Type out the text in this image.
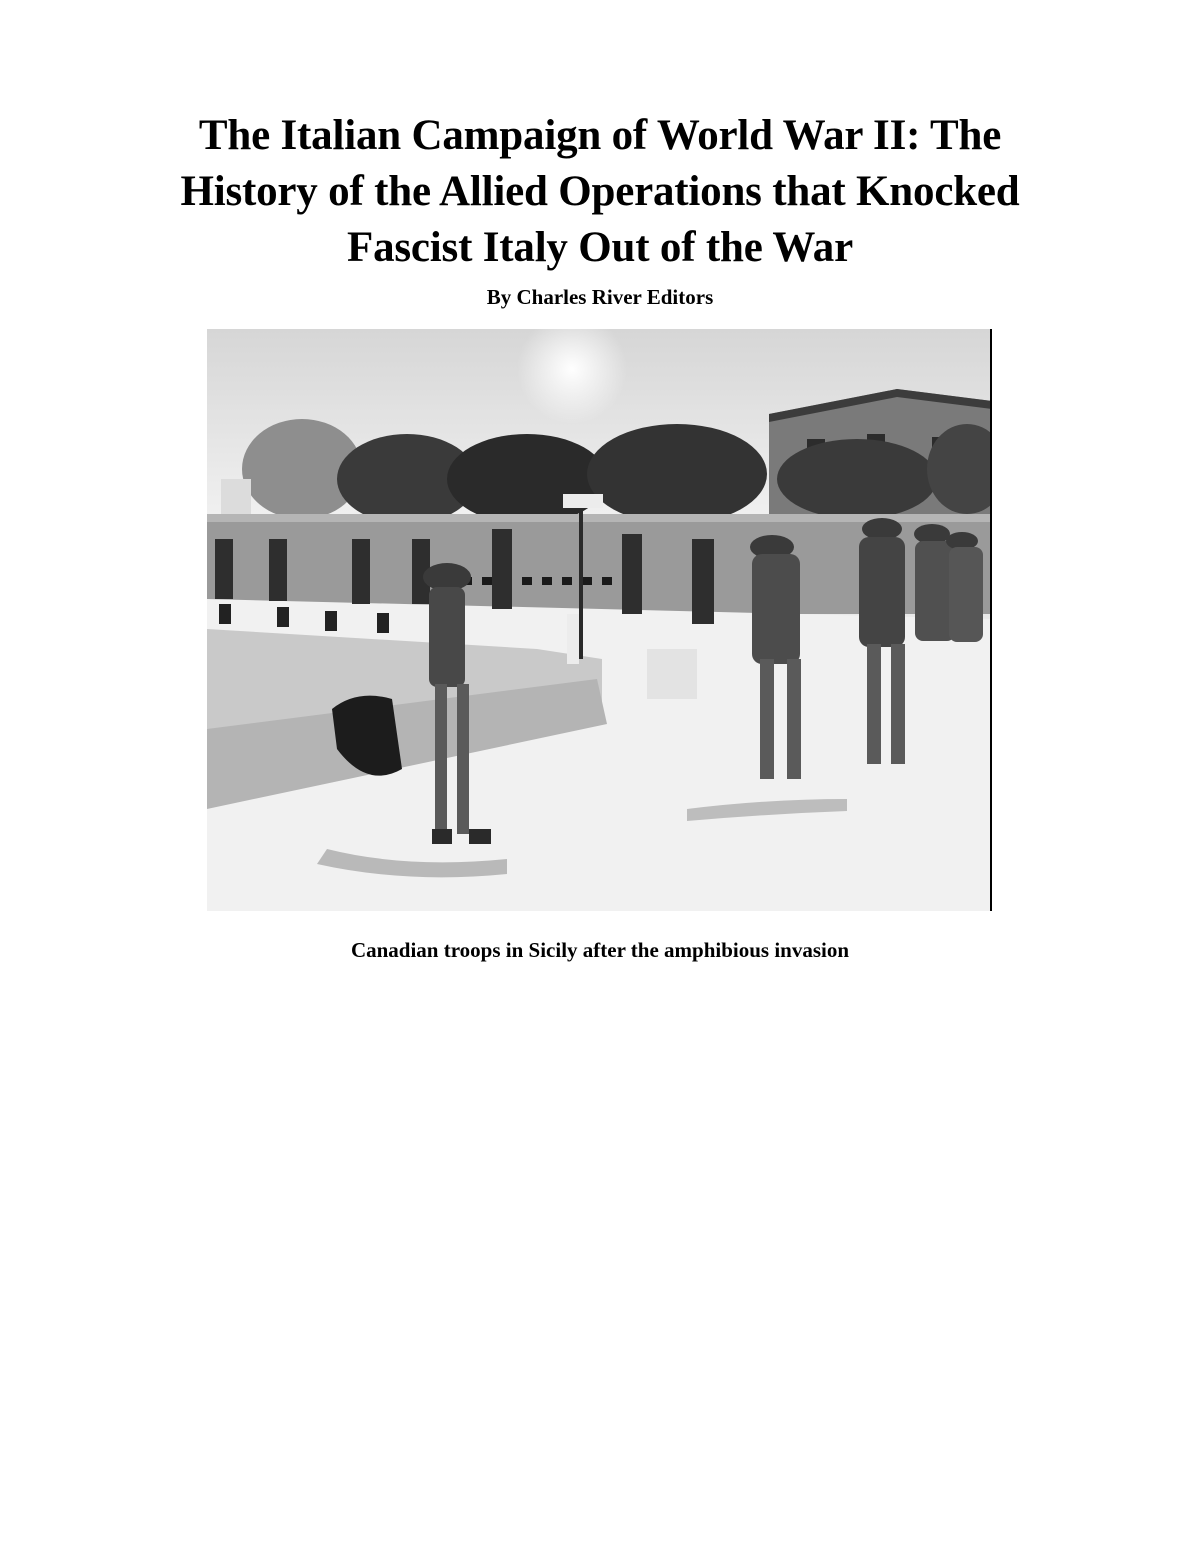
The Italian Campaign of World War II: The
History of the Allied Operations that Knocked
Fascist Italy Out of the War
By Charles River Editors
Canadian troops in Sicily after the amphibious invasion
